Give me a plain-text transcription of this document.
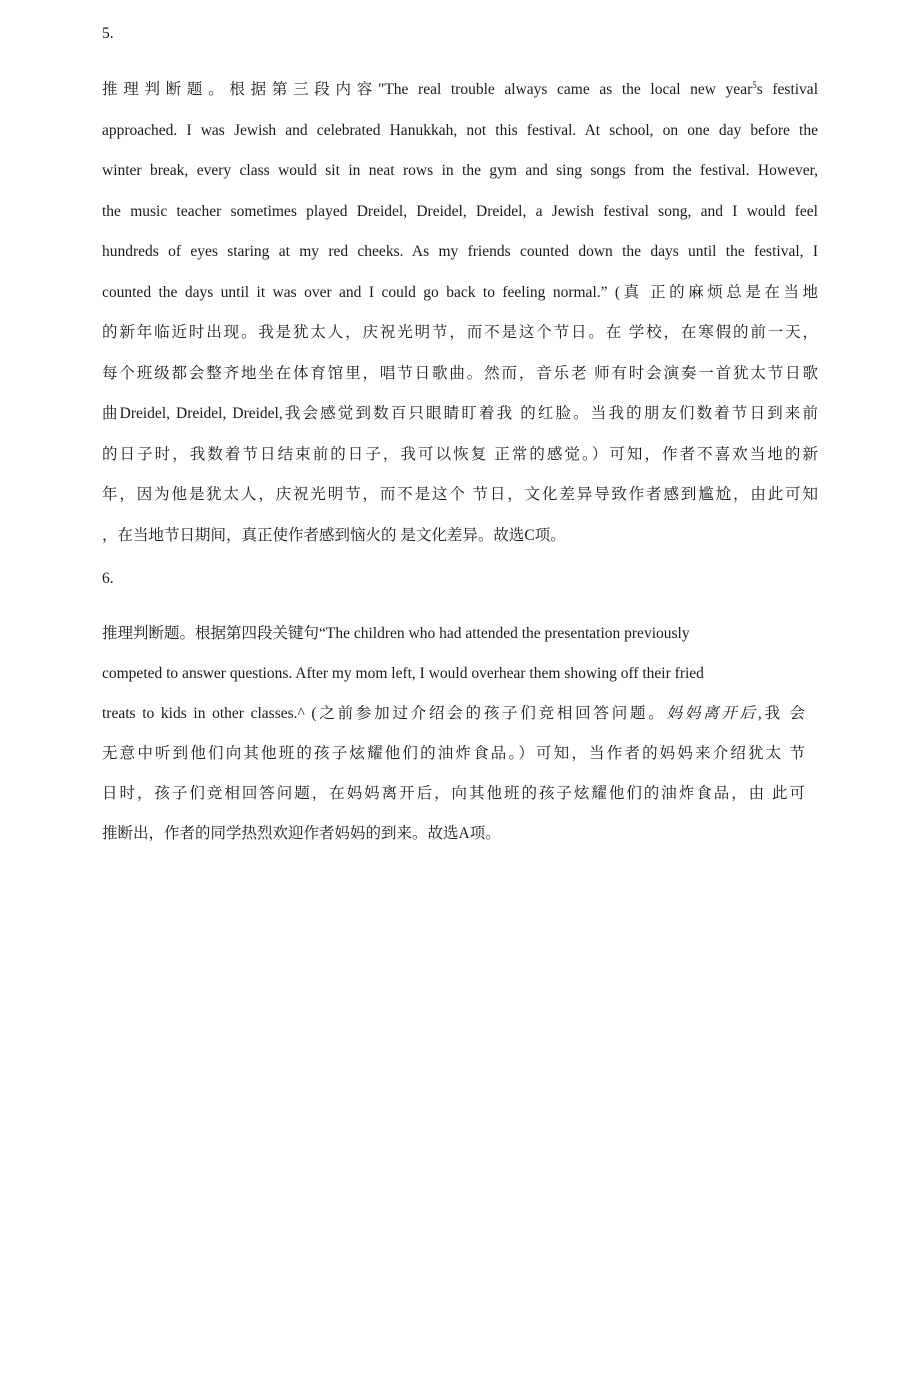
5.
推理判断题。根据第三段内容"The real trouble always came as the local new year$^5$s festival
approached. I was Jewish and celebrated Hanukkah, not this festival. At school, on one day before the
winter break, every class would sit in neat rows in the gym and sing songs from the festival. However,
the music teacher sometimes played Dreidel, Dreidel, Dreidel, a Jewish festival song, and I would feel
hundreds of eyes staring at my red cheeks. As my friends counted down the days until the festival, I
counted the days until it was over and I could go back to feeling normal.” (真 正的麻烦总是在当地
的新年临近时出现。我是犹太人，庆祝光明节，而不是这个节日。在 学校，在寒假的前一天，
每个班级都会整齐地坐在体育馆里，唱节日歌曲。然而，音乐老 师有时会演奏一首犹太节日歌
曲Dreidel, Dreidel, Dreidel,我会感觉到数百只眼睛盯着我 的红脸。当我的朋友们数着节日到来前
的日子时，我数着节日结束前的日子，我可以恢复 正常的感觉。）可知，作者不喜欢当地的新
年，因为他是犹太人，庆祝光明节，而不是这个 节日，文化差异导致作者感到尴尬，由此可知
，在当地节日期间，真正使作者感到恼火的 是文化差异。故选C项。
6.
推理判断题。根据第四段关键句“The children who had attended the presentation previously
competed to answer questions. After my mom left, I would overhear them showing off their fried
treats to kids in other classes.^ (之前参加过介绍会的孩子们竞相回答问题。妈妈离开后,我 会
无意中听到他们向其他班的孩子炫耀他们的油炸食品。）可知，当作者的妈妈来介绍犹太 节
日时，孩子们竞相回答问题，在妈妈离开后，向其他班的孩子炫耀他们的油炸食品，由 此可
推断出，作者的同学热烈欢迎作者妈妈的到来。故选A项。
